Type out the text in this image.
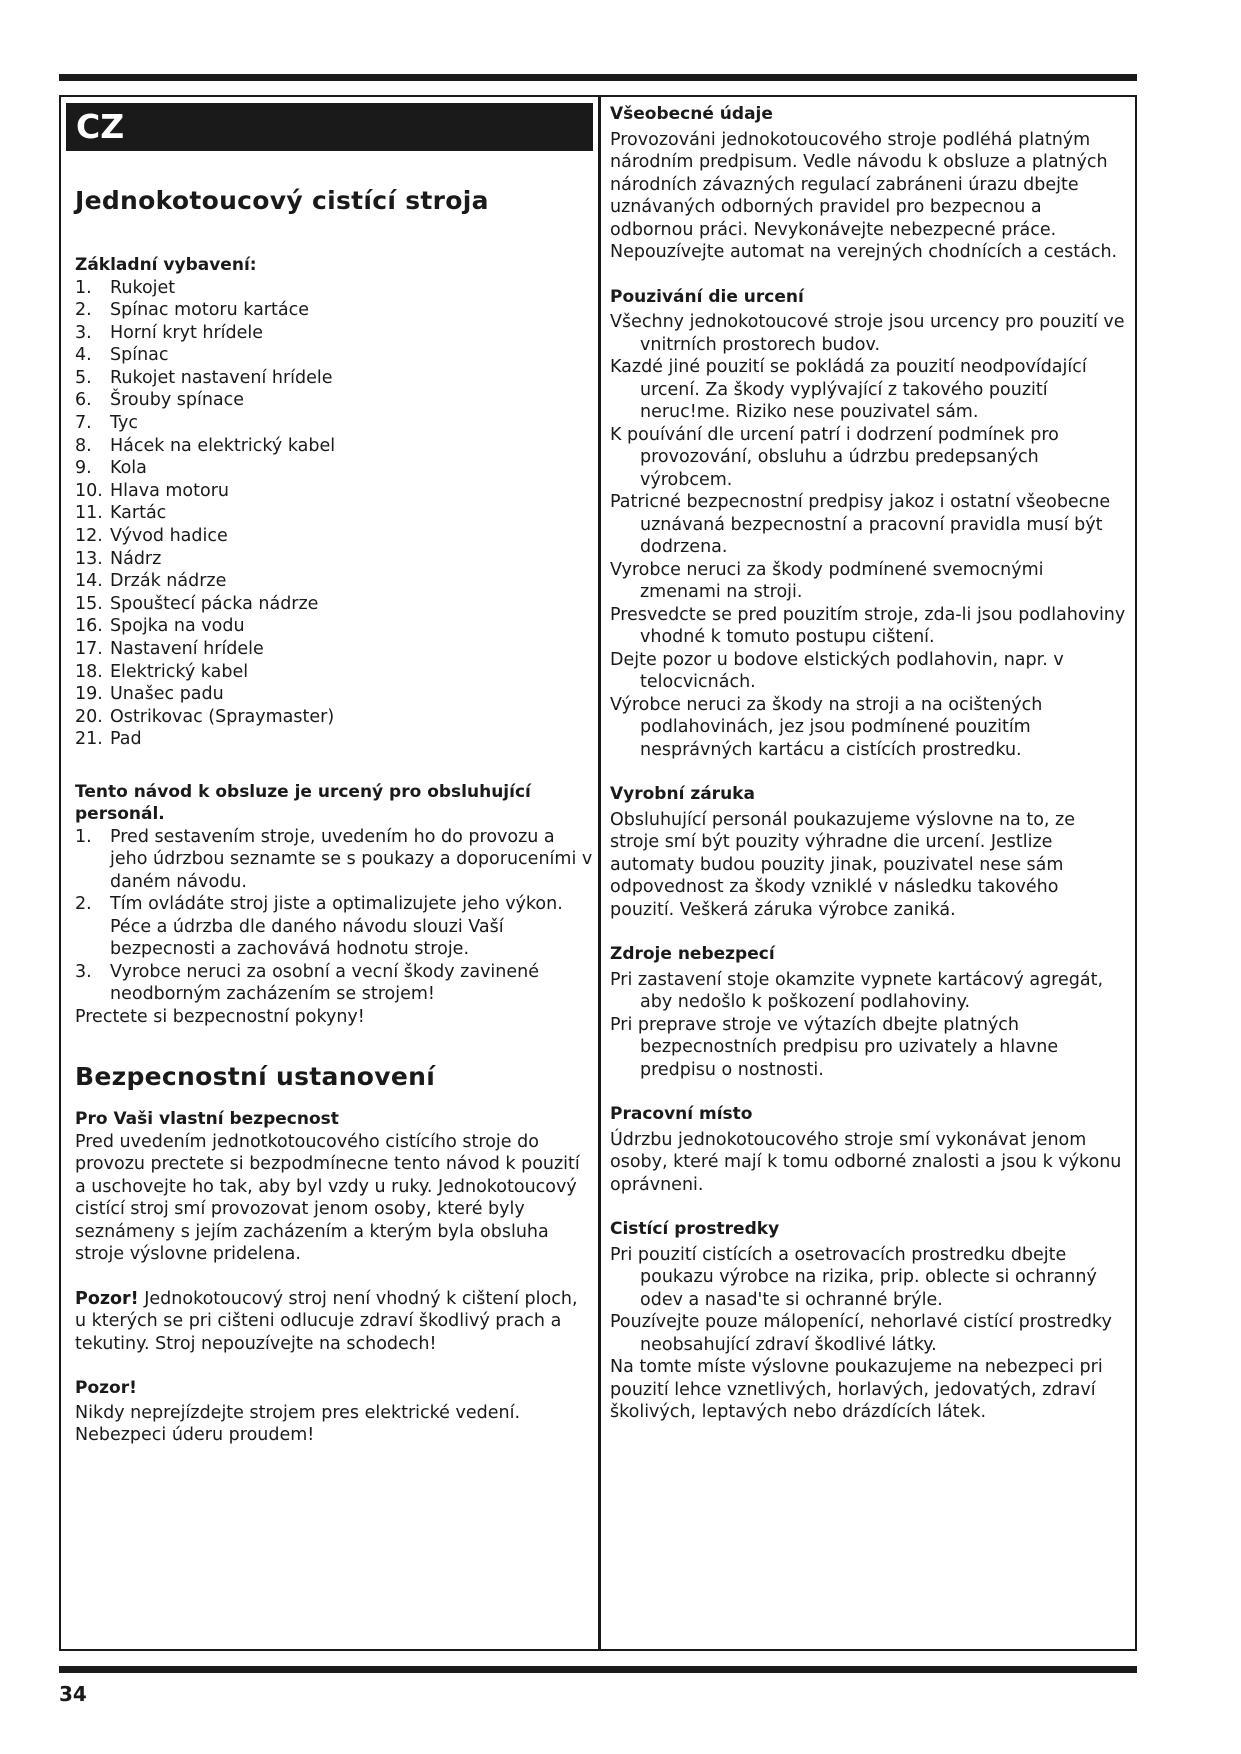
CZ
Jednokotoucový cistící stroja
Základní vybavení:
1.	Rukojet
2.	Spínac motoru kartáce
3.	Horní kryt hrídele
4.	Spínac
5.	Rukojet nastavení hrídele
6.	Šrouby spínace
7.	Tyc
8.	Hácek na elektrický kabel
9.	Kola
10. Hlava motoru
11. Kartác
12. Vývod hadice
13. Nádrz
14. Drzák nádrze
15. Spouštecí pácka nádrze
16. Spojka na vodu
17. Nastavení hrídele
18. Elektrický kabel
19. Unašec padu
20. Ostrikovac (Spraymaster)
21. Pad
Tento návod k obsluze je urcený pro obsluhující personál.
1.	Pred sestavením stroje, uvedením ho do provozu a jeho údrzbou seznamte se s poukazy a doporuceními v daném návodu.
2.	Tím ovládáte stroj jiste a optimalizujete jeho výkon. Péce a údrzba dle daného návodu slouzi Vaší bezpecnosti a zachovává hodnotu stroje.
3.	Vyrobce neruci za osobní a vecní škody zavinené neodborným zacházením se strojem!

Prectete si bezpecnostní pokyny!

Bezpecnostní ustanovení
Pro Vaši vlastní bezpecnost

Pred uvedením jednotkotoucového cistícího stroje do provozu prectete si bezpodmínecne tento návod k pouzití a uschovejte ho tak, aby byl vzdy u ruky. Jednokotoucový cistící stroj smí provozovat jenom osoby, které byly seznámeny s jejím zacházením a kterým byla obsluha stroje výslovne pridelena.

Pozor! Jednokotoucový stroj není vhodný k cištení ploch, u kterých se pri cišteni odlucuje zdraví škodlivý prach a tekutiny. Stroj nepouzívejte na schodech!

Pozor!

Nikdy neprejízdejte strojem pres elektrické vedení. Nebezpeci úderu proudem!

Všeobecné údaje

Provozováni jednokotoucového stroje podléhá platným národním predpisum. Vedle návodu k obsluze a platných národních závazných regulací zabráneni úrazu dbejte uznávaných odborných pravidel pro bezpecnou a odbornou práci. Nevykonávejte nebezpecné práce. Nepouzívejte automat na verejných chodnících a cestách.

Pouzivání die urcení

Všechny jednokotoucové stroje jsou urcency pro pouzití ve vnitrních prostorech budov.

Kazdé jiné pouzití se pokládá za pouzití neodpovídající urcení. Za škody vyplývající z takového pouzití neruc!me. Riziko nese pouzivatel sám.

K pouívání dle urcení patrí i dodrzení podmínek pro provozování, obsluhu a údrzbu predepsaných výrobcem.

Patricné bezpecnostní predpisy jakoz i ostatní všeobecne uznávaná bezpecnostní a pracovní pravidla musí být dodrzena.

Vyrobce neruci za škody podmínené svemocnými zmenami na stroji.

Presvedcte se pred pouzitím stroje, zda-li jsou podlahoviny vhodné k tomuto postupu cištení.

Dejte pozor u bodove elstických podlahovin, napr. v telocvicnách.

Výrobce neruci za škody na stroji a na ocištených podlahovinách, jez jsou podmínené pouzitím nesprávných kartácu a cistících prostredku.

Vyrobní záruka

Obsluhující personál poukazujeme výslovne na to, ze stroje smí být pouzity výhradne die urcení. Jestlize automaty budou pouzity jinak, pouzivatel nese sám odpovednost za škody vzniklé v následku takového pouzití. Veškerá záruka výrobce zaniká.

Zdroje nebezpecí

Pri zastavení stoje okamzite vypnete kartácový agregát, aby nedošlo k poškození podlahoviny.

Pri preprave stroje ve výtazích dbejte platných bezpecnostních predpisu pro uzivately a hlavne predpisu o nostnosti.

Pracovní místo

Údrzbu jednokotoucového stroje smí vykonávat jenom osoby, které mají k tomu odborné znalosti a jsou k výkonu oprávneni.

Cistící prostredky

Pri pouzití cistících a osetrovacích prostredku dbejte poukazu výrobce na rizika, prip. oblecte si ochranný odev a nasad'te si ochranné brýle.

Pouzívejte pouze málopenící, nehorlavé cistící prostredky neobsahující zdraví škodlivé látky.

Na tomte míste výslovne poukazujeme na nebezpeci pri pouzití lehce vznetlivých, horlavých, jedovatých, zdraví školivých, leptavých nebo drázdících látek.

34
